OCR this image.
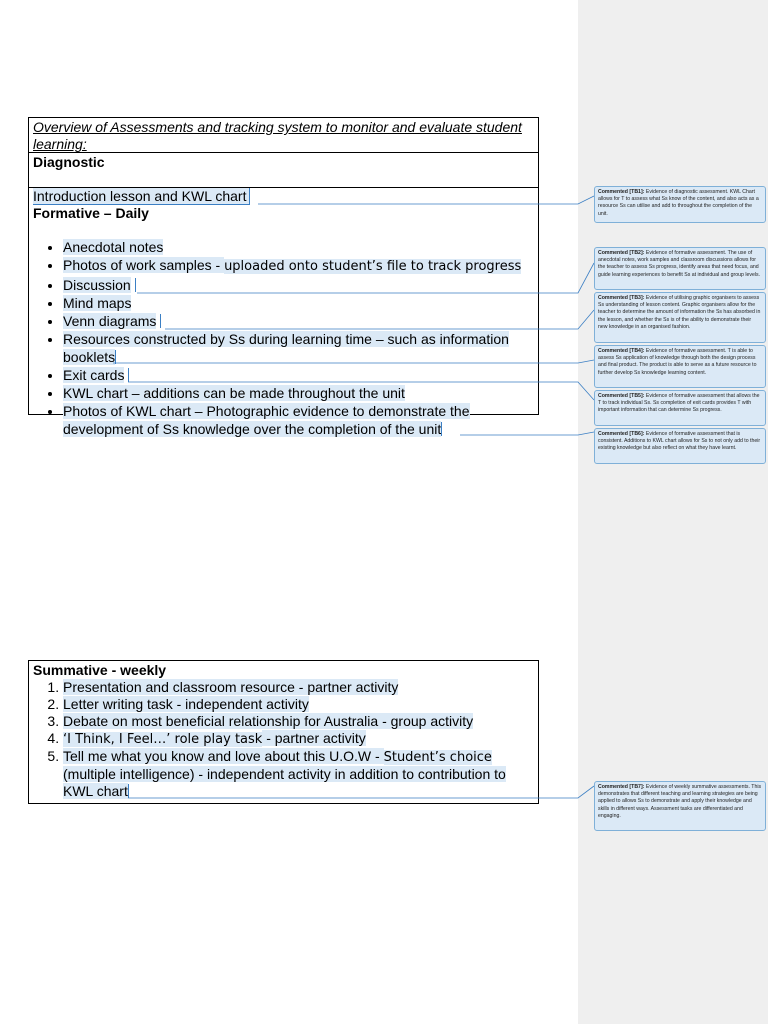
Overview of Assessments and tracking system to monitor and evaluate student learning:
Diagnostic
Introduction lesson and KWL chart
Formative – Daily
• Anecdotal notes
• Photos of work samples - uploaded onto student’s file to track progress
• Discussion
• Mind maps
• Venn diagrams
• Resources constructed by Ss during learning time – such as information booklets
• Exit cards
• KWL chart – additions can be made throughout the unit
• Photos of KWL chart – Photographic evidence to demonstrate the development of Ss knowledge over the completion of the unit
Summative - weekly
1. Presentation and classroom resource - partner activity
2. Letter writing task - independent activity
3. Debate on most beneficial relationship for Australia - group activity
4. ‘I Think, I Feel…’ role play task - partner activity
5. Tell me what you know and love about this U.O.W - Student’s choice (multiple intelligence) - independent activity in addition to contribution to KWL chart
Commented [TB1]: Evidence of diagnostic assessment. KWL Chart allows for T to assess what Ss know of the content, and also acts as a resource Ss can utilise and add to throughout the completion of the unit.
Commented [TB2]: Evidence of formative assessment. The use of anecdotal notes, work samples and classroom discussions allows for the teacher to assess Ss progress, identify areas that need focus, and guide learning experiences to benefit Ss at individual and group levels.
Commented [TB3]: Evidence of utilising graphic organisers to assess Ss understanding of lesson content. Graphic organisers allow for the teacher to determine the amount of information the Ss has absorbed in the lesson, and whether the Ss is of the ability to demonstrate their new knowledge in an organised fashion.
Commented [TB4]: Evidence of formative assessment. T is able to assess Ss application of knowledge through both the design process and final product. The product is able to serve as a future resource to further develop Ss knowledge learning content.
Commented [TB5]: Evidence of formative assessment that allows the T to track individual Ss. Ss completion of exit cards provides T with important information that can determine Ss progress.
Commented [TB6]: Evidence of formative assessment that is consistent. Additions to KWL chart allows for Ss to not only add to their existing knowledge but also reflect on what they have learnt.
Commented [TB7]: Evidence of weekly summative assessments. This demonstrates that different teaching and learning strategies are being applied to allows Ss to demonstrate and apply their knowledge and skills in different ways. Assessment tasks are differentiated and engaging.
